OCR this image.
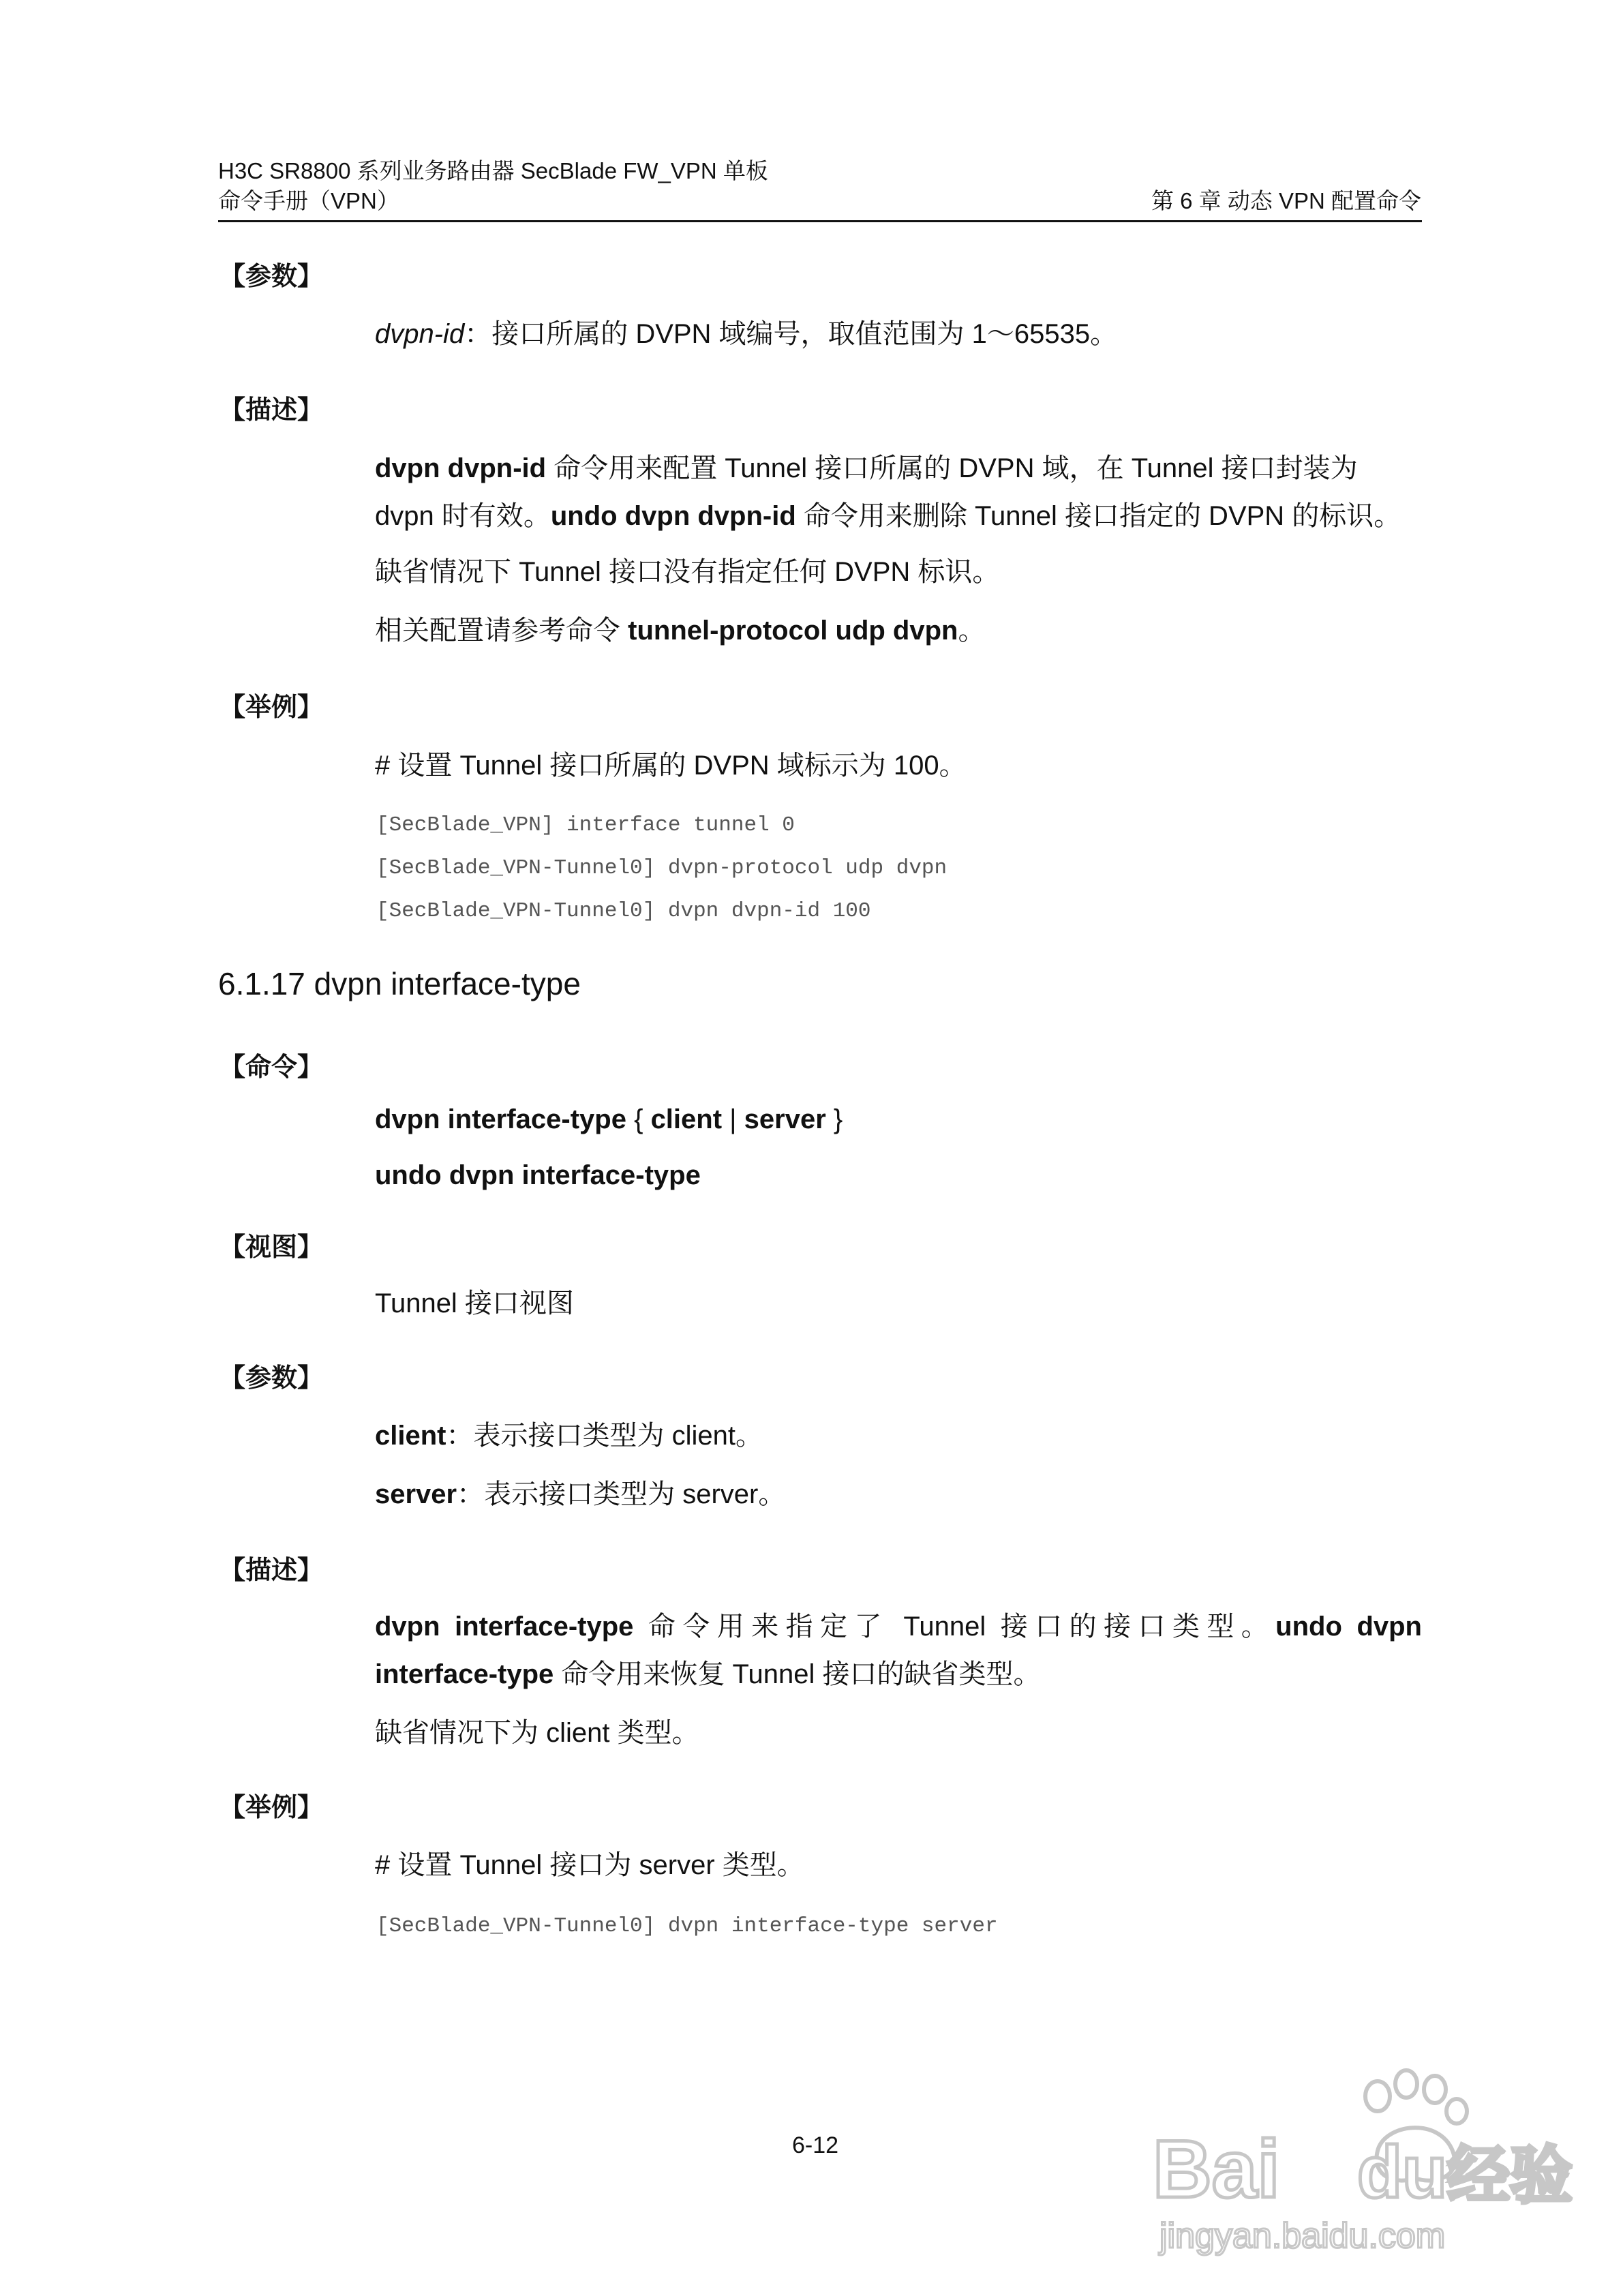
H3C SR8800 系列业务路由器 SecBlade FW_VPN 单板
命令手册（VPN）	第 6 章 动态 VPN 配置命令
【参数】
dvpn-id：接口所属的 DVPN 域编号，取值范围为 1～65535。
【描述】
dvpn dvpn-id 命令用来配置 Tunnel 接口所属的 DVPN 域，在 Tunnel 接口封装为 dvpn 时有效。undo dvpn dvpn-id 命令用来删除 Tunnel 接口指定的 DVPN 的标识。
缺省情况下 Tunnel 接口没有指定任何 DVPN 标识。
相关配置请参考命令 tunnel-protocol udp dvpn。
【举例】
# 设置 Tunnel 接口所属的 DVPN 域标示为 100。
[SecBlade_VPN] interface tunnel 0
[SecBlade_VPN-Tunnel0] dvpn-protocol udp dvpn
[SecBlade_VPN-Tunnel0] dvpn dvpn-id 100
6.1.17 dvpn interface-type
【命令】
dvpn interface-type { client | server }
undo dvpn interface-type
【视图】
Tunnel 接口视图
【参数】
client：表示接口类型为 client。
server：表示接口类型为 server。
【描述】
dvpn interface-type 命令用来指定了 Tunnel 接口的接口类型。undo dvpn
interface-type 命令用来恢复 Tunnel 接口的缺省类型。
缺省情况下为 client 类型。
【举例】
# 设置 Tunnel 接口为 server 类型。
[SecBlade_VPN-Tunnel0] dvpn interface-type server
6-12	Bai du 经验
jingyan.baidu.com
